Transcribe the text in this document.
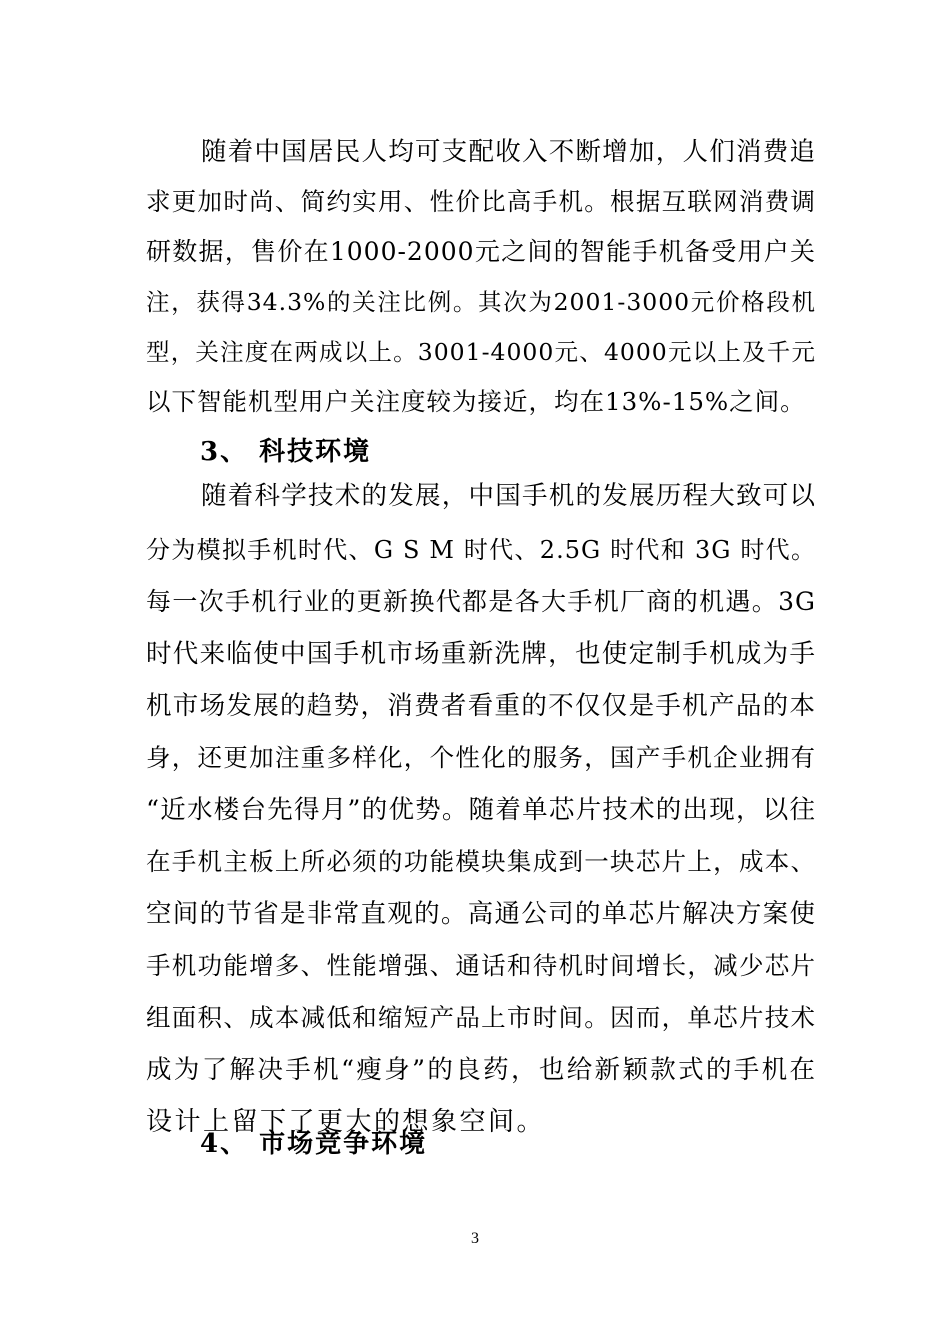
随着中国居民人均可支配收入不断增加，人们消费追
求更加时尚、简约实用、性价比高手机。根据互联网消费调
研数据，售价在1000-2000元之间的智能手机备受用户关
注，获得34.3%的关注比例。其次为2001-3000元价格段机
型，关注度在两成以上。3001-4000元、4000元以上及千元
以下智能机型用户关注度较为接近，均在13%-15%之间。
3、 科技环境
随着科学技术的发展，中国手机的发展历程大致可以
分为模拟手机时代、G S M 时代、2.5G 时代和 3G 时代。
每一次手机行业的更新换代都是各大手机厂商的机遇。3G
时代来临使中国手机市场重新洗牌，也使定制手机成为手
机市场发展的趋势，消费者看重的不仅仅是手机产品的本
身，还更加注重多样化，个性化的服务，国产手机企业拥有
“近水楼台先得月”的优势。随着单芯片技术的出现，以往
在手机主板上所必须的功能模块集成到一块芯片上，成本、
空间的节省是非常直观的。高通公司的单芯片解决方案使
手机功能增多、性能增强、通话和待机时间增长，减少芯片
组面积、成本减低和缩短产品上市时间。因而，单芯片技术
成为了解决手机“瘦身”的良药，也给新颖款式的手机在
设计上留下了更大的想象空间。
4、 市场竞争环境
3
